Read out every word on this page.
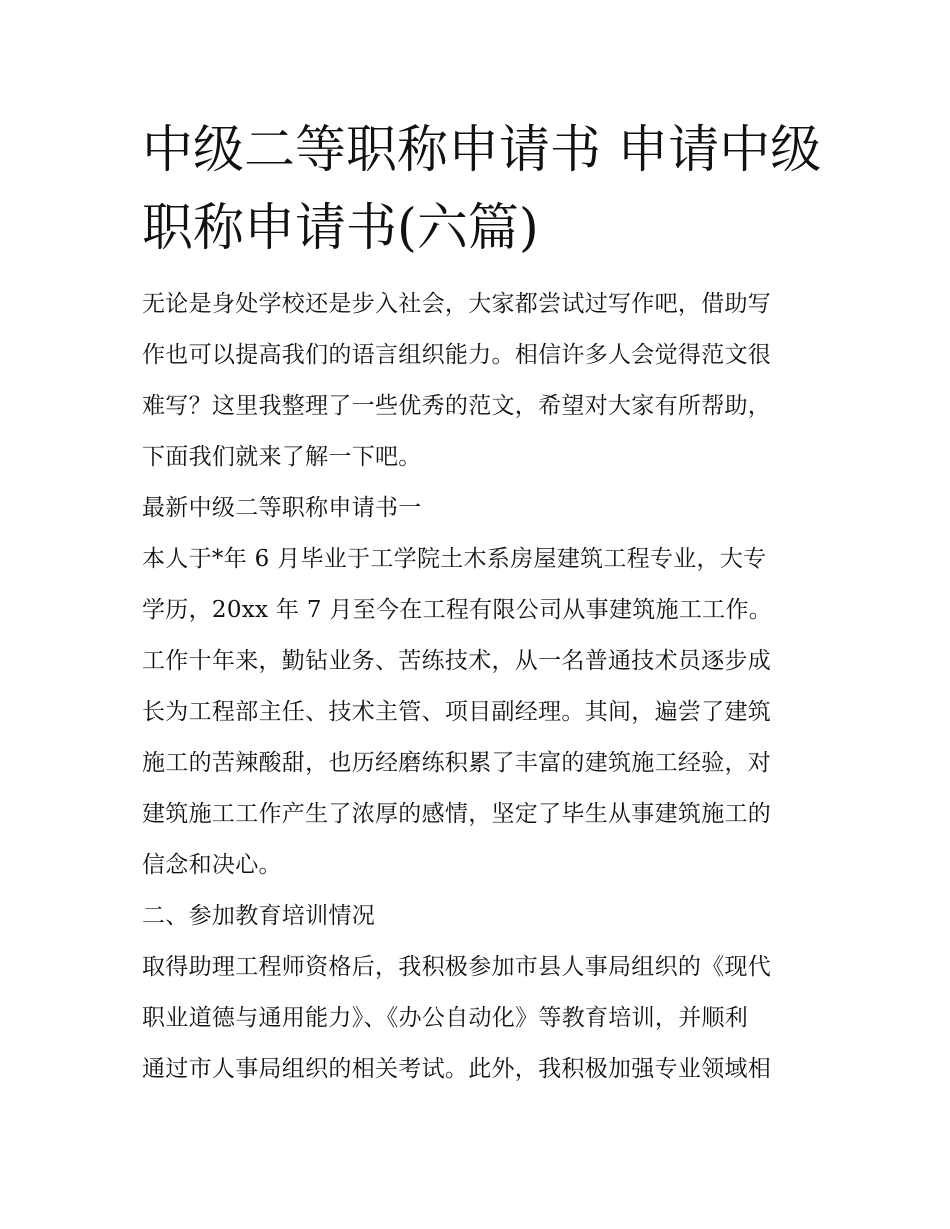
中级二等职称申请书 申请中级
职称申请书(六篇)
无论是身处学校还是步入社会，大家都尝试过写作吧，借助写
作也可以提高我们的语言组织能力。相信许多人会觉得范文很
难写？这里我整理了一些优秀的范文，希望对大家有所帮助，
下面我们就来了解一下吧。
最新中级二等职称申请书一
本人于*年 6 月毕业于工学院土木系房屋建筑工程专业，大专
学历，20xx 年 7 月至今在工程有限公司从事建筑施工工作。
工作十年来，勤钻业务、苦练技术，从一名普通技术员逐步成
长为工程部主任、技术主管、项目副经理。其间，遍尝了建筑
施工的苦辣酸甜，也历经磨练积累了丰富的建筑施工经验，对
建筑施工工作产生了浓厚的感情，坚定了毕生从事建筑施工的
信念和决心。
二、参加教育培训情况
取得助理工程师资格后，我积极参加市县人事局组织的《现代
职业道德与通用能力》、《办公自动化》等教育培训，并顺利
通过市人事局组织的相关考试。此外，我积极加强专业领域相
